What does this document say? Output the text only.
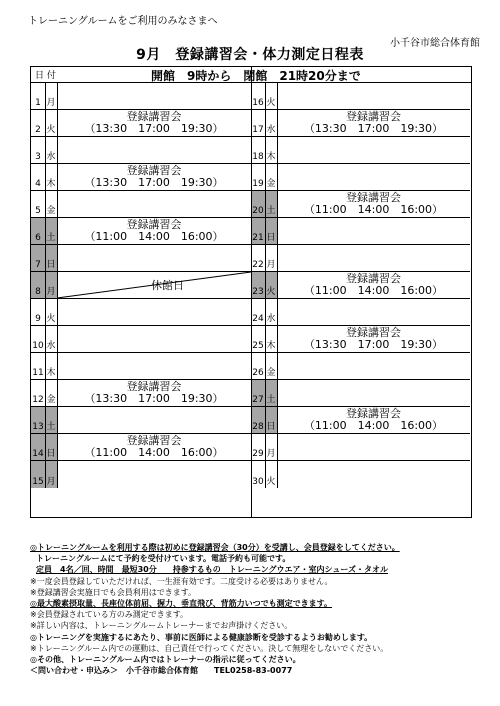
トレーニングルームをご利用のみなさまへ
小千谷市総合体育館
9月　登録講習会・体力測定日程表
日 付	開館　9時から　閉館　21時20分まで
1 月
2 火
登録講習会
（13:30　17:00　19:30）
3 水
4 木
登録講習会
（13:30　17:00　19:30）
5 金
6 土
登録講習会
（11:00　14:00　16:00）
7 日
8 月
9 火
10 水
11 木
12 金
登録講習会
（13:30　17:00　19:30）
13 土
14 日
登録講習会
（11:00　14:00　16:00）
15 月
16 火
17 水
登録講習会
（13:30　17:00　19:30）
18 木
19 金
20 土
登録講習会
（11:00　14:00　16:00）
21 日
22 月
23 火
登録講習会
（11:00　14:00　16:00）
24 水
25 木
登録講習会
（13:30　17:00　19:30）
26 金
27 土
28 日
登録講習会
（11:00　14:00　16:00）
29 月
30 火
休館日
◎トレーニングルームを利用する際は初めに登録講習会（30分）を受講し、会員登録をしてください。
トレーニングルームにて予約を受付けています。電話予約も可能です。
定員　4名／回、時間　最短30分　　持参するもの　トレーニングウエア・室内シューズ・タオル
※一度会員登録していただければ、一生涯有効です。二度受ける必要はありません。
※登録講習会実施日でも会員利用はできます。
◎最大酸素摂取量、長座位体前屈、握力、垂直飛び、背筋力いつでも測定できます。
※会員登録されている方のみ測定できます。
※詳しい内容は、トレーニングルームトレーナーまでお声掛けください。
◎トレーニングを実施するにあたり、事前に医師による健康診断を受診するようお勧めします。
※トレーニングルーム内での運動は、自己責任で行ってください。決して無理をしないでください。
◎その他、トレーニングルーム内ではトレーナーの指示に従ってください。
＜問い合わせ・申込み＞　小千谷市総合体育館　　TEL0258-83-0077
